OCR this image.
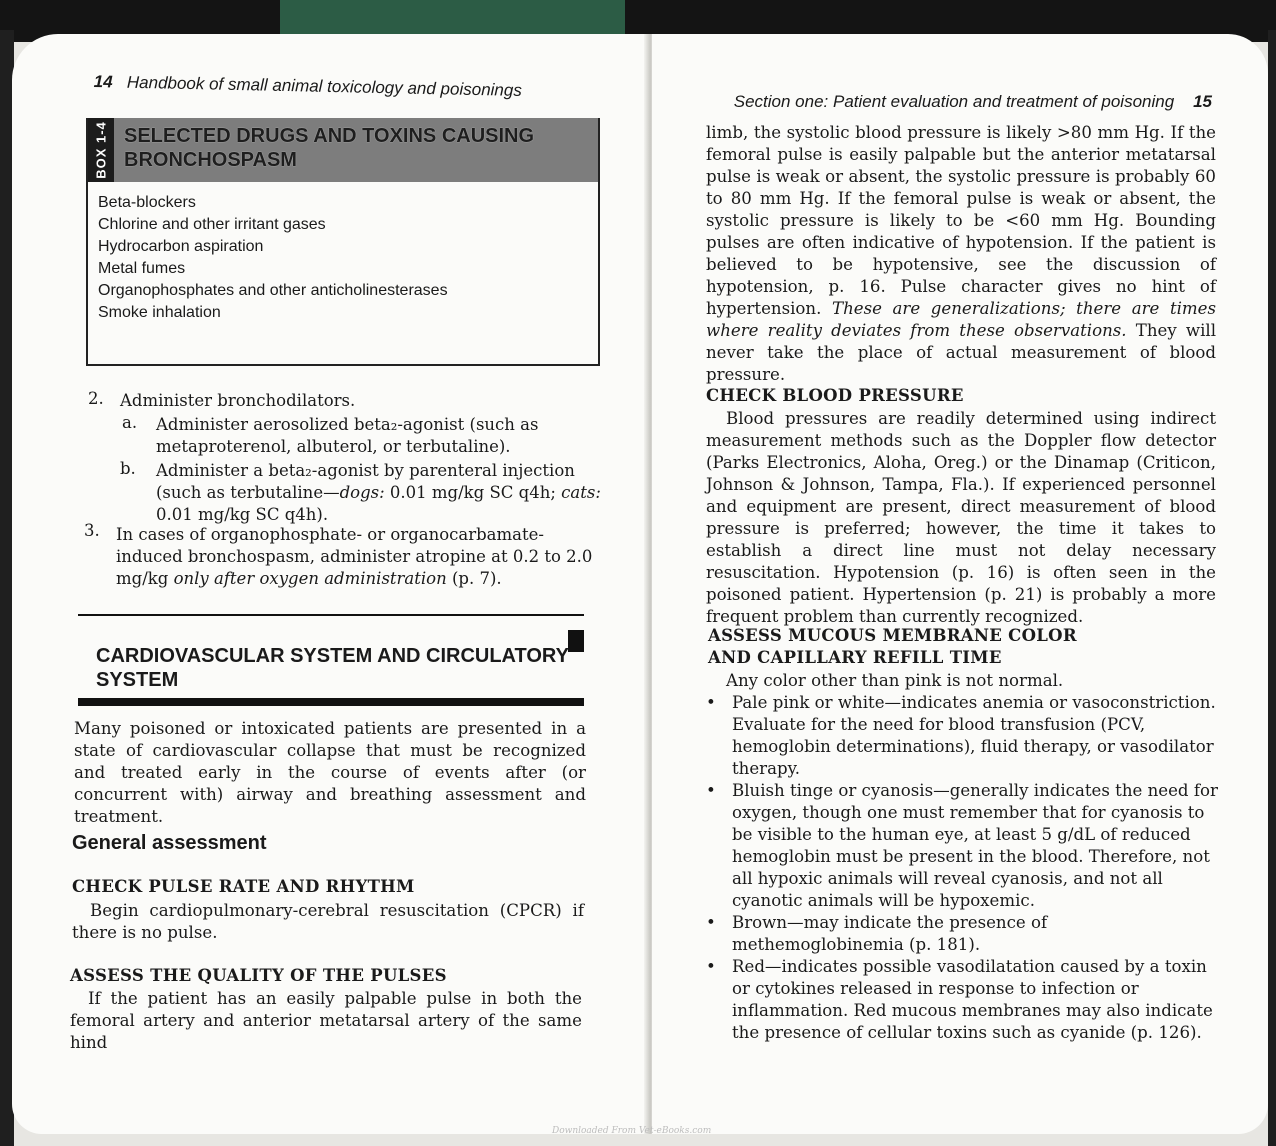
14 Handbook of small animal toxicology and poisonings
BOX 1-4 SELECTED DRUGS AND TOXINS CAUSING BRONCHOSPASM
Beta-blockers
Chlorine and other irritant gases
Hydrocarbon aspiration
Metal fumes
Organophosphates and other anticholinesterases
Smoke inhalation
2. Administer bronchodilators.
a. Administer aerosolized beta₂-agonist (such as
metaproterenol, albuterol, or terbutaline).
b. Administer a beta₂-agonist by parenteral injection
(such as terbutaline—dogs: 0.01 mg/kg SC q4h; cats:
0.01 mg/kg SC q4h).
3. In cases of organophosphate- or organocarbamate-
induced bronchospasm, administer atropine at 0.2 to 2.0
mg/kg only after oxygen administration (p. 7).
CARDIOVASCULAR SYSTEM AND CIRCULATORY SYSTEM
Many poisoned or intoxicated patients are presented in a state of cardiovascular collapse that must be recognized and treated early in the course of events after (or concurrent with) airway and breathing assessment and treatment.
General assessment
CHECK PULSE RATE AND RHYTHM
Begin cardiopulmonary-cerebral resuscitation (CPCR) if there is no pulse.
ASSESS THE QUALITY OF THE PULSES
If the patient has an easily palpable pulse in both the femoral artery and anterior metatarsal artery of the same hind
Section one: Patient evaluation and treatment of poisoning 15
limb, the systolic blood pressure is likely >80 mm Hg. If the femoral pulse is easily palpable but the anterior metatarsal pulse is weak or absent, the systolic pressure is probably 60 to 80 mm Hg. If the femoral pulse is weak or absent, the systolic pressure is likely to be <60 mm Hg. Bounding pulses are often indicative of hypotension. If the patient is believed to be hypotensive, see the discussion of hypotension, p. 16. Pulse character gives no hint of hypertension. These are generalizations; there are times where reality deviates from these observations. They will never take the place of actual measurement of blood pressure.
CHECK BLOOD PRESSURE
Blood pressures are readily determined using indirect measurement methods such as the Doppler flow detector (Parks Electronics, Aloha, Oreg.) or the Dinamap (Criticon, Johnson & Johnson, Tampa, Fla.). If experienced personnel and equipment are present, direct measurement of blood pressure is preferred; however, the time it takes to establish a direct line must not delay necessary resuscitation. Hypotension (p. 16) is often seen in the poisoned patient. Hypertension (p. 21) is probably a more frequent problem than currently recognized.
ASSESS MUCOUS MEMBRANE COLOR
AND CAPILLARY REFILL TIME
Any color other than pink is not normal.
• Pale pink or white—indicates anemia or vasoconstriction. Evaluate for the need for blood transfusion (PCV, hemoglobin determinations), fluid therapy, or vasodilator therapy.
• Bluish tinge or cyanosis—generally indicates the need for oxygen, though one must remember that for cyanosis to be visible to the human eye, at least 5 g/dL of reduced hemoglobin must be present in the blood. Therefore, not all hypoxic animals will reveal cyanosis, and not all cyanotic animals will be hypoxemic.
• Brown—may indicate the presence of methemoglobinemia (p. 181).
• Red—indicates possible vasodilatation caused by a toxin or cytokines released in response to infection or inflammation. Red mucous membranes may also indicate the presence of cellular toxins such as cyanide (p. 126).
Downloaded From Vet-eBooks.com
